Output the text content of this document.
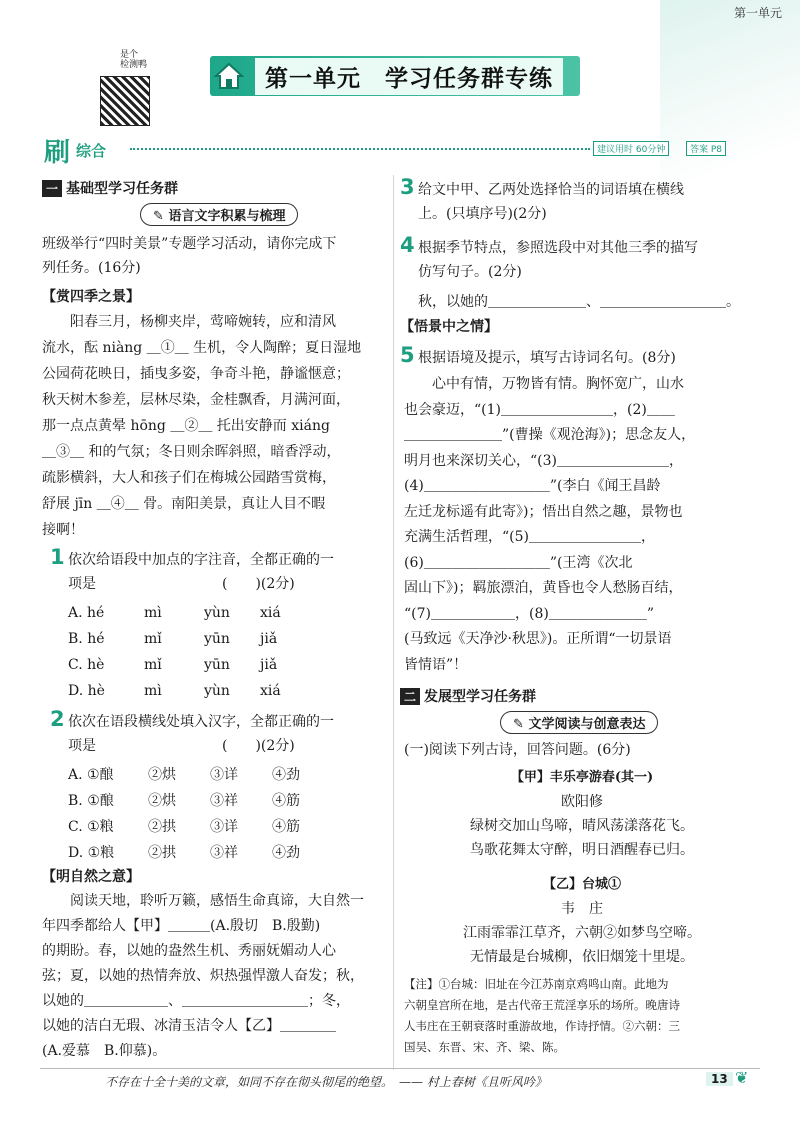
第一单元
是个
检测鸭
第一单元　学习任务群专练
刷 综合	建议用时 60分钟	答案 P8
一 基础型学习任务群
✎ 语言文字积累与梳理
班级举行“四时美景”专题学习活动，请你完成下
列任务。(16分)
【赏四季之景】
　　阳春三月，杨柳夹岸，莺啼婉转，应和清风
流水，酝 niàng ＿①＿ 生机，令人陶醉；夏日湿地
公园荷花映日，插曳多姿，争奇斗艳，静谧惬意；
秋天树木参差，层林尽染，金桂飘香，月满河面，
那一点点黄晕 hōng ＿②＿ 托出安静而 xiáng
＿③＿ 和的气氛；冬日则余晖斜照，暗香浮动，
疏影横斜，大人和孩子们在梅城公园踏雪赏梅，
舒展 jīn ＿④＿ 骨。南阳美景，真让人目不暇
接啊！
1 依次给语段中加点的字注音，全都正确的一
项是　　　　　　　　　(　　)(2分)
A. hé	mì	yùn xiá
B. hé	mǐ	yūn jiǎ
C. hè	mǐ	yūn jiǎ
D. hè	mì	yùn xiá
2 依次在语段横线处填入汉字，全都正确的一
项是　　　　　　　　　(　　)(2分)
A. ①酿 ②烘 ③详 ④劲
B. ①酿 ②烘 ③祥 ④筋
C. ①粮 ②拱 ③详 ④筋
D. ①粮 ②拱 ③祥 ④劲
【明自然之意】
　　阅读天地，聆听万籁，感悟生命真谛，大自然一
年四季都给人【甲】＿＿＿(A.殷切　B.殷勤)
的期盼。春，以她的盎然生机、秀丽妩媚动人心
弦；夏，以她的热情奔放、炽热强悍激人奋发；秋，
以她的＿＿＿＿＿＿、＿＿＿＿＿＿＿＿＿；冬，
以她的洁白无瑕、冰清玉洁令人【乙】＿＿＿＿
(A.爱慕　B.仰慕)。
3 给文中甲、乙两处选择恰当的词语填在横线
上。(只填序号)(2分)
4 根据季节特点，参照选段中对其他三季的描写
仿写句子。(2分)
秋，以她的＿＿＿＿＿＿＿、＿＿＿＿＿＿＿＿＿。
【悟景中之情】
5 根据语境及提示，填写古诗词名句。(8分)
　　心中有情，万物皆有情。胸怀宽广，山水
也会豪迈，“(1)＿＿＿＿＿＿＿＿，(2)＿＿
＿＿＿＿＿＿＿”(曹操《观沧海》)；思念友人，
明月也来深切关心，“(3)＿＿＿＿＿＿＿＿，
(4)＿＿＿＿＿＿＿＿＿”(李白《闻王昌龄
左迁龙标遥有此寄》)；悟出自然之趣，景物也
充满生活哲理，“(5)＿＿＿＿＿＿＿＿，
(6)＿＿＿＿＿＿＿＿＿”(王湾《次北
固山下》)；羁旅漂泊，黄昏也令人愁肠百结，
“(7)＿＿＿＿＿＿，(8)＿＿＿＿＿＿＿”
(马致远《天净沙·秋思》)。正所谓“一切景语
皆情语”！
二 发展型学习任务群
✎ 文学阅读与创意表达
(一)阅读下列古诗，回答问题。(6分)
【甲】丰乐亭游春(其一)
欧阳修
绿树交加山鸟啼，晴风荡漾落花飞。
鸟歌花舞太守醉，明日酒醒春已归。
【乙】台城①
韦　庄
江雨霏霏江草齐，六朝②如梦鸟空啼。
无情最是台城柳，依旧烟笼十里堤。
【注】①台城：旧址在今江苏南京鸡鸣山南。此地为
六朝皇宫所在地，是古代帝王荒淫享乐的场所。晚唐诗
人韦庄在王朝衰落时重游故地，作诗抒情。②六朝：三
国吴、东晋、宋、齐、梁、陈。
不存在十全十美的文章，如同不存在彻头彻尾的绝望。　—— 村上春树《且听风吟》	13 ❦
